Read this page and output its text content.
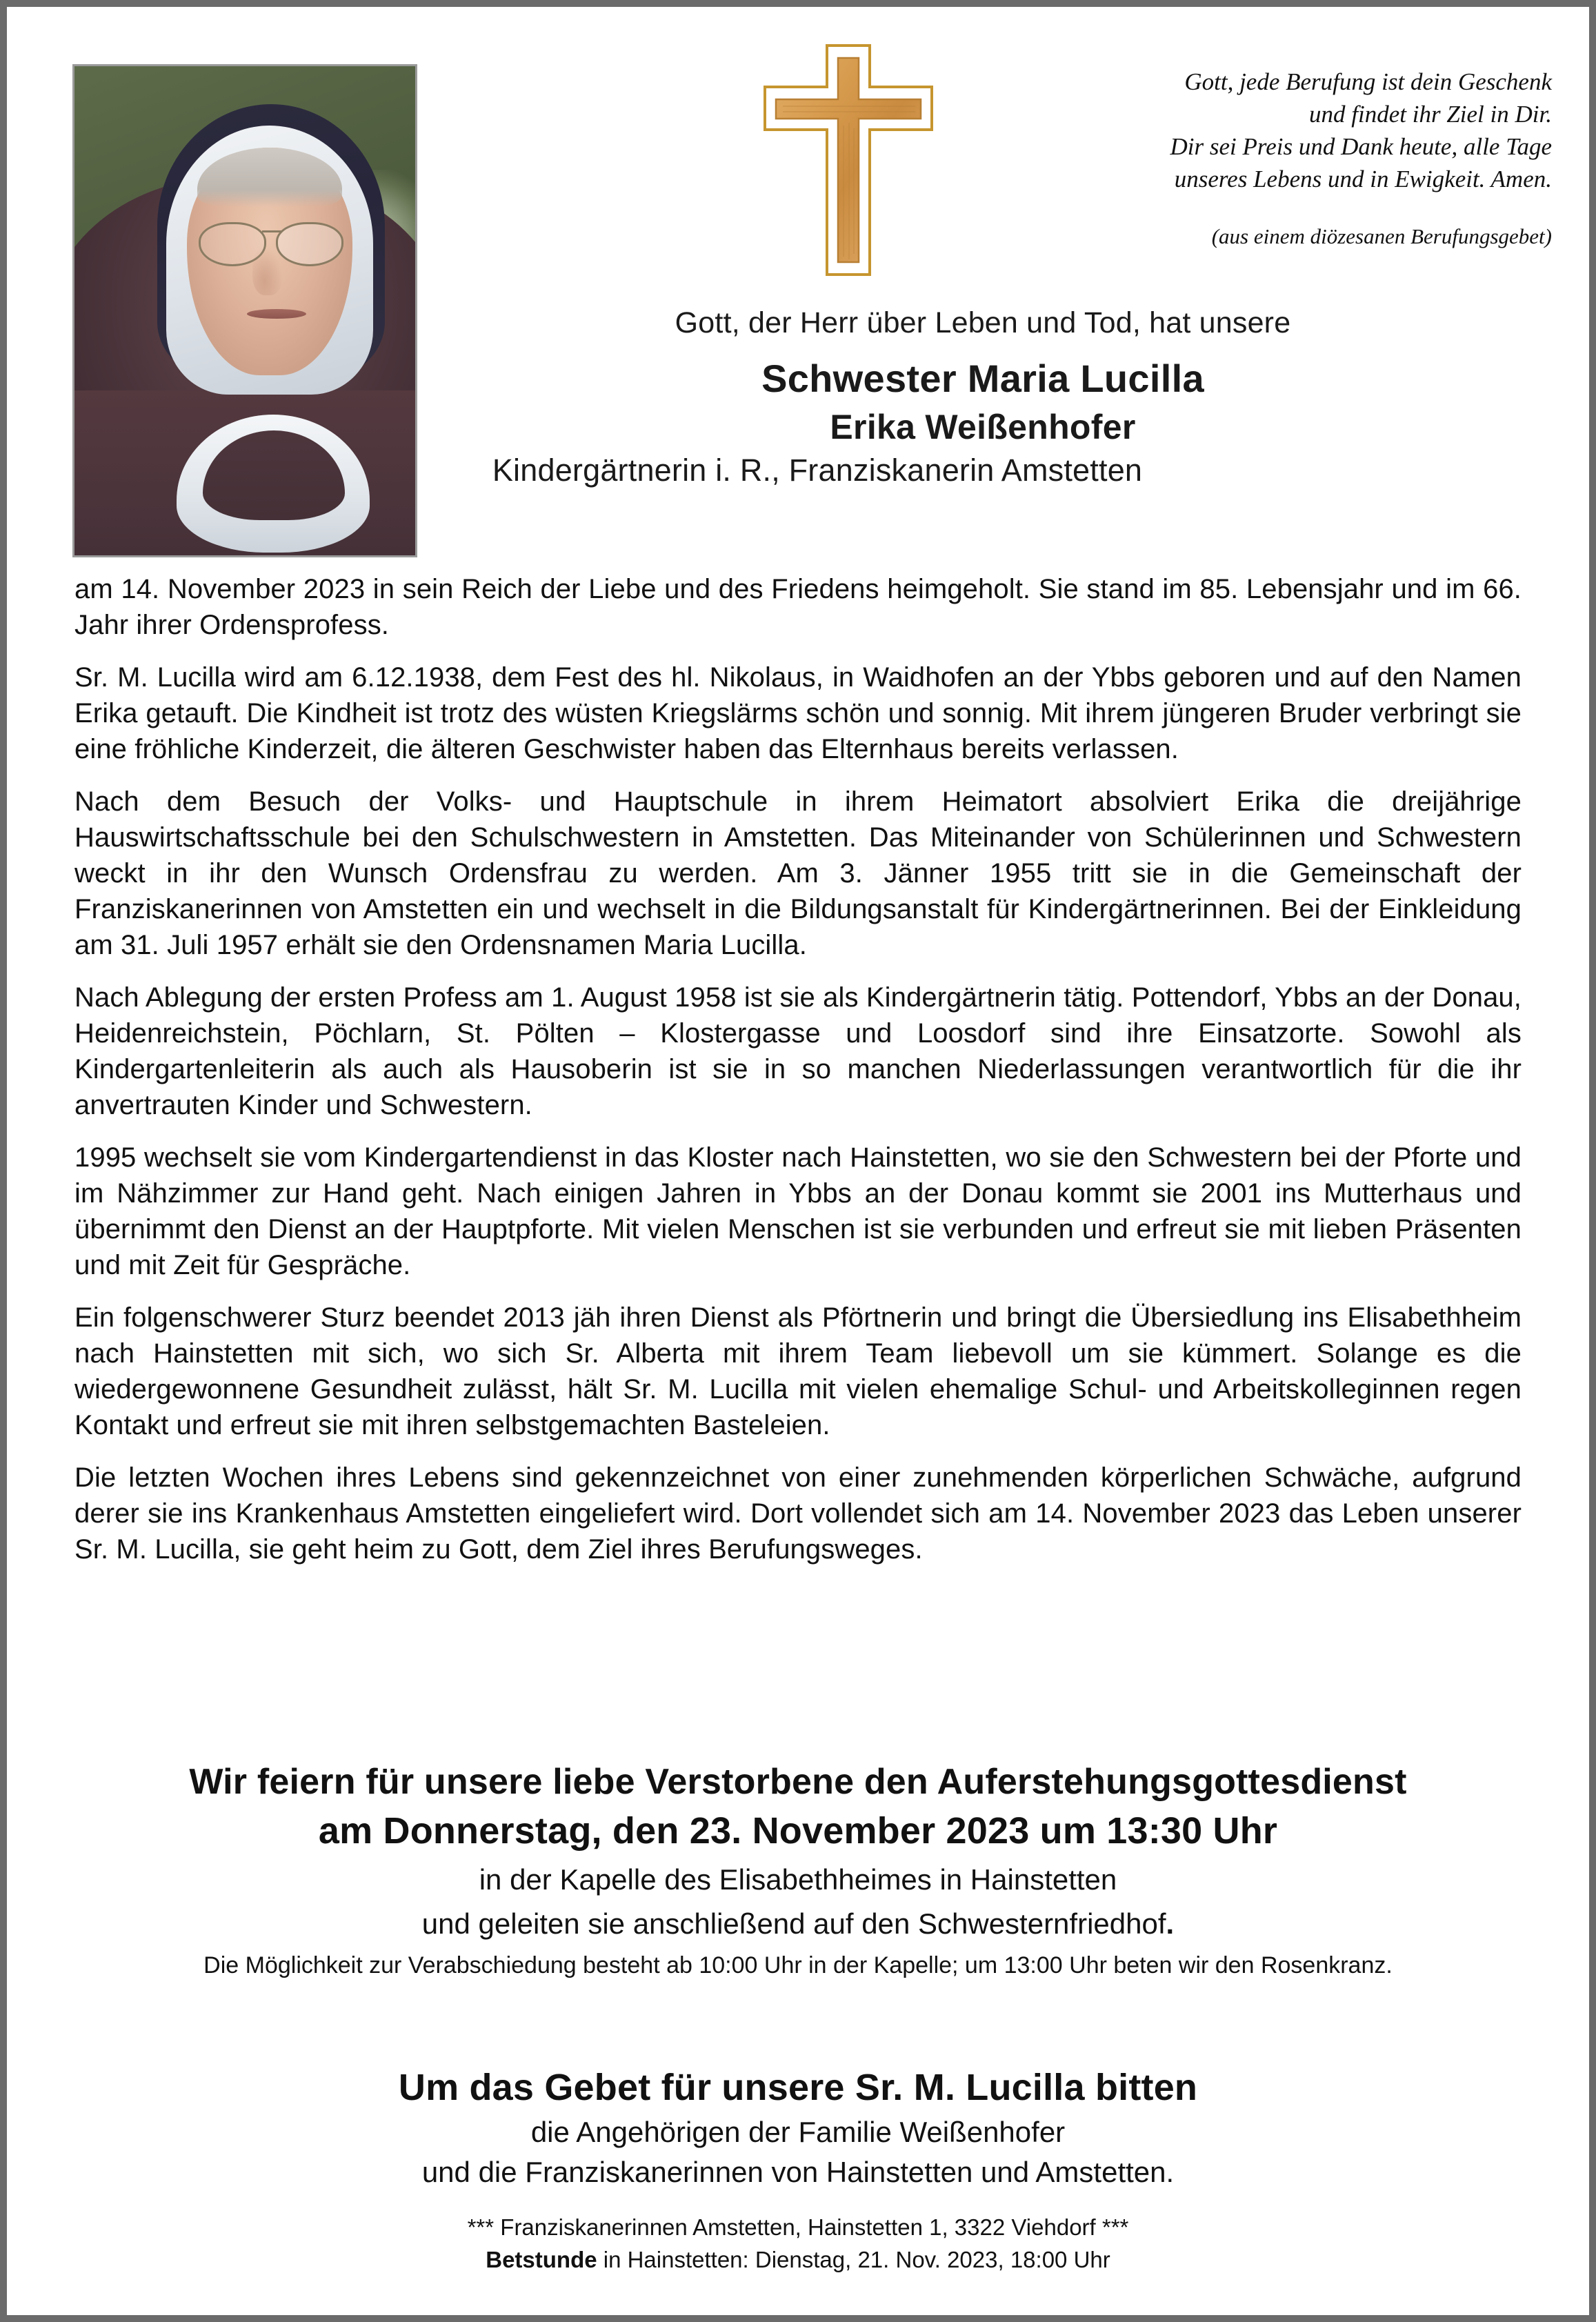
Gott, jede Berufung ist dein Geschenk
und findet ihr Ziel in Dir.
Dir sei Preis und Dank heute, alle Tage
unseres Lebens und in Ewigkeit. Amen.
(aus einem diözesanen Berufungsgebet)
Gott, der Herr über Leben und Tod, hat unsere
Schwester Maria Lucilla
Erika Weißenhofer
Kindergärtnerin i. R., Franziskanerin Amstetten

am 14. November 2023 in sein Reich der Liebe und des Friedens heimgeholt. Sie stand im 85. Lebensjahr und im 66. Jahr ihrer Ordensprofess.

Sr. M. Lucilla wird am 6.12.1938, dem Fest des hl. Nikolaus, in Waidhofen an der Ybbs geboren und auf den Namen Erika getauft. Die Kindheit ist trotz des wüsten Kriegslärms schön und sonnig. Mit ihrem jüngeren Bruder verbringt sie eine fröhliche Kinderzeit, die älteren Geschwister haben das Elternhaus bereits verlassen.

Nach dem Besuch der Volks- und Hauptschule in ihrem Heimatort absolviert Erika die dreijährige Hauswirtschaftsschule bei den Schulschwestern in Amstetten. Das Miteinander von Schülerinnen und Schwestern weckt in ihr den Wunsch Ordensfrau zu werden. Am 3. Jänner 1955 tritt sie in die Gemeinschaft der Franziskanerinnen von Amstetten ein und wechselt in die Bildungsanstalt für Kindergärtnerinnen. Bei der Einkleidung am 31. Juli 1957 erhält sie den Ordensnamen Maria Lucilla.

Nach Ablegung der ersten Profess am 1. August 1958 ist sie als Kindergärtnerin tätig. Pottendorf, Ybbs an der Donau, Heidenreichstein, Pöchlarn, St. Pölten – Klostergasse und Loosdorf sind ihre Einsatzorte. Sowohl als Kindergartenleiterin als auch als Hausoberin ist sie in so manchen Niederlassungen verantwortlich für die ihr anvertrauten Kinder und Schwestern.

1995 wechselt sie vom Kindergartendienst in das Kloster nach Hainstetten, wo sie den Schwestern bei der Pforte und im Nähzimmer zur Hand geht. Nach einigen Jahren in Ybbs an der Donau kommt sie 2001 ins Mutterhaus und übernimmt den Dienst an der Hauptpforte. Mit vielen Menschen ist sie verbunden und erfreut sie mit lieben Präsenten und mit Zeit für Gespräche.

Ein folgenschwerer Sturz beendet 2013 jäh ihren Dienst als Pförtnerin und bringt die Übersiedlung ins Elisabethheim nach Hainstetten mit sich, wo sich Sr. Alberta mit ihrem Team liebevoll um sie kümmert. Solange es die wiedergewonnene Gesundheit zulässt, hält Sr. M. Lucilla mit vielen ehemalige Schul- und Arbeitskolleginnen regen Kontakt und erfreut sie mit ihren selbstgemachten Basteleien.

Die letzten Wochen ihres Lebens sind gekennzeichnet von einer zunehmenden körperlichen Schwäche, aufgrund derer sie ins Krankenhaus Amstetten eingeliefert wird. Dort vollendet sich am 14. November 2023 das Leben unserer Sr. M. Lucilla, sie geht heim zu Gott, dem Ziel ihres Berufungsweges.

Wir feiern für unsere liebe Verstorbene den Auferstehungsgottesdienst
am Donnerstag, den 23. November 2023 um 13:30 Uhr
in der Kapelle des Elisabethheimes in Hainstetten
und geleiten sie anschließend auf den Schwesternfriedhof.
Die Möglichkeit zur Verabschiedung besteht ab 10:00 Uhr in der Kapelle; um 13:00 Uhr beten wir den Rosenkranz.
Um das Gebet für unsere Sr. M. Lucilla bitten
die Angehörigen der Familie Weißenhofer
und die Franziskanerinnen von Hainstetten und Amstetten.
*** Franziskanerinnen Amstetten, Hainstetten 1, 3322 Viehdorf ***
Betstunde in Hainstetten: Dienstag, 21. Nov. 2023, 18:00 Uhr
